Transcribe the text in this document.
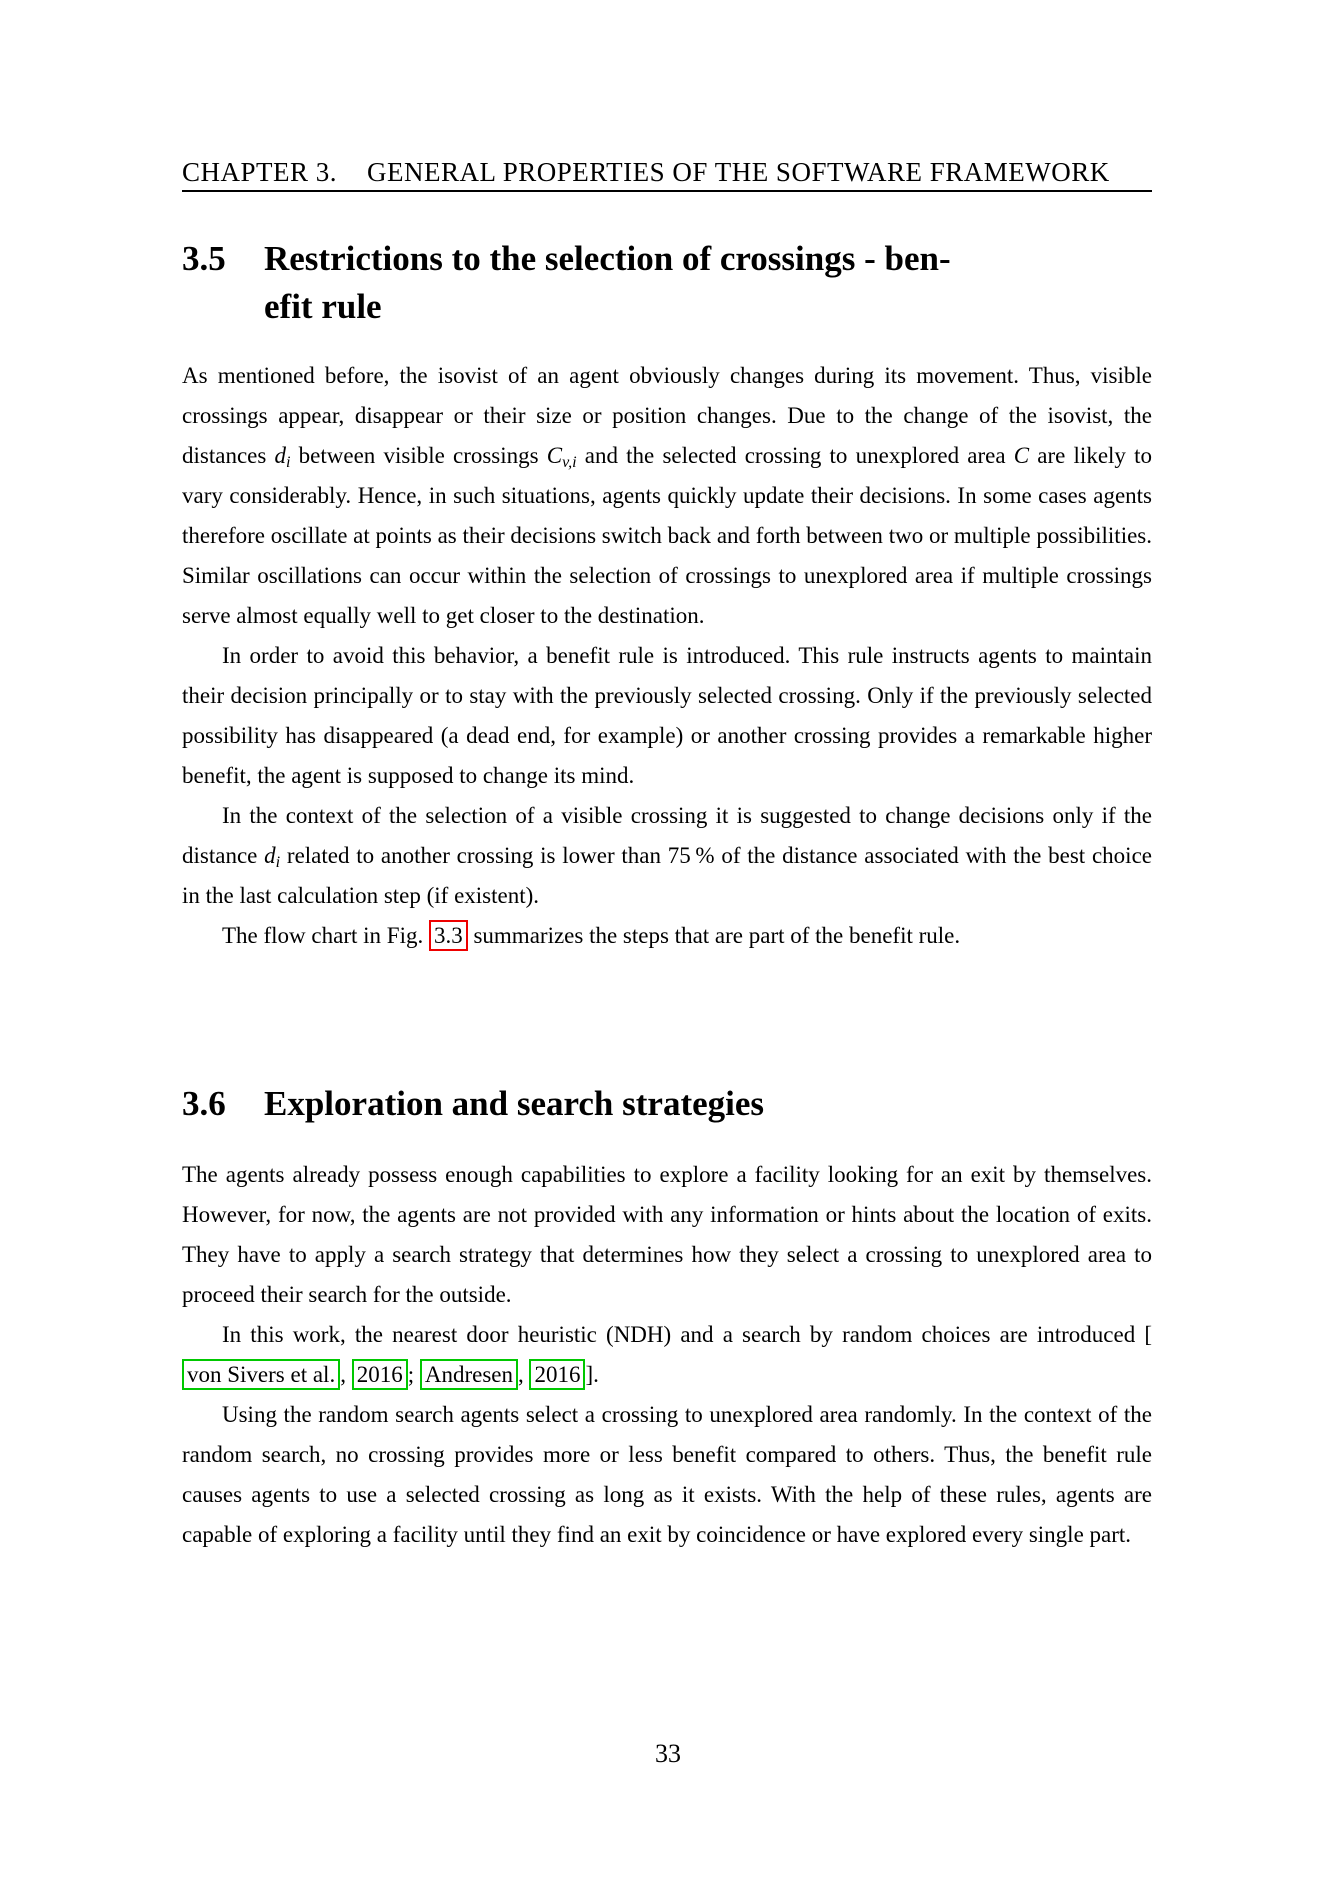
CHAPTER 3. GENERAL PROPERTIES OF THE SOFTWARE FRAMEWORK
3.5	Restrictions to the selection of crossings - ben-
efit rule

As mentioned before, the isovist of an agent obviously changes during its movement. Thus, visible crossings appear, disappear or their size or position changes. Due to the change of the isovist, the distances $d_i$ between visible crossings $C_{v,i}$ and the selected crossing to unexplored area C are likely to vary considerably. Hence, in such situations, agents quickly update their decisions. In some cases agents therefore oscillate at points as their decisions switch back and forth between two or multiple possibilities. Similar oscillations can occur within the selection of crossings to unexplored area if multiple crossings serve almost equally well to get closer to the destination.

In order to avoid this behavior, a benefit rule is introduced. This rule instructs agents to maintain their decision principally or to stay with the previously selected crossing. Only if the previously selected possibility has disappeared (a dead end, for example) or another crossing provides a remarkable higher benefit, the agent is supposed to change its mind.

In the context of the selection of a visible crossing it is suggested to change decisions only if the distance $d_i$ related to another crossing is lower than 75 % of the distance associated with the best choice in the last calculation step (if existent).

The flow chart in Fig. 3.3 summarizes the steps that are part of the benefit rule.

3.6	Exploration and search strategies

The agents already possess enough capabilities to explore a facility looking for an exit by themselves. However, for now, the agents are not provided with any information or hints about the location of exits. They have to apply a search strategy that determines how they select a crossing to unexplored area to proceed their search for the outside.

In this work, the nearest door heuristic (NDH) and a search by random choices are introduced [von Sivers et al. , 2016 ; Andresen , 2016 ].

Using the random search agents select a crossing to unexplored area randomly. In the context of the random search, no crossing provides more or less benefit compared to others. Thus, the benefit rule causes agents to use a selected crossing as long as it exists. With the help of these rules, agents are capable of exploring a facility until they find an exit by coincidence or have explored every single part.

33
